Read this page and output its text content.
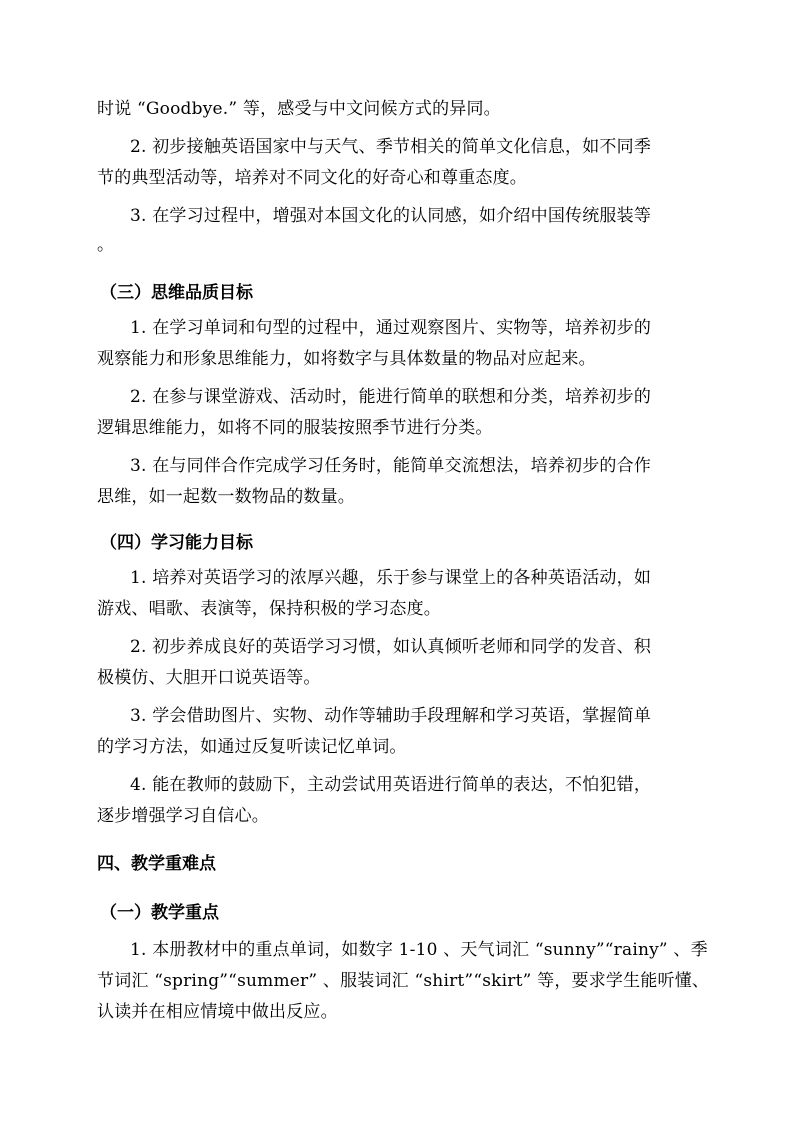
时说 “Goodbye.” 等，感受与中文问候方式的异同。
2. 初步接触英语国家中与天气、季节相关的简单文化信息，如不同季
节的典型活动等，培养对不同文化的好奇心和尊重态度。
3. 在学习过程中，增强对本国文化的认同感，如介绍中国传统服装等
。
（三）思维品质目标
1. 在学习单词和句型的过程中，通过观察图片、实物等，培养初步的
观察能力和形象思维能力，如将数字与具体数量的物品对应起来。
2. 在参与课堂游戏、活动时，能进行简单的联想和分类，培养初步的
逻辑思维能力，如将不同的服装按照季节进行分类。
3. 在与同伴合作完成学习任务时，能简单交流想法，培养初步的合作
思维，如一起数一数物品的数量。
（四）学习能力目标
1. 培养对英语学习的浓厚兴趣，乐于参与课堂上的各种英语活动，如
游戏、唱歌、表演等，保持积极的学习态度。
2. 初步养成良好的英语学习习惯，如认真倾听老师和同学的发音、积
极模仿、大胆开口说英语等。
3. 学会借助图片、实物、动作等辅助手段理解和学习英语，掌握简单
的学习方法，如通过反复听读记忆单词。
4. 能在教师的鼓励下，主动尝试用英语进行简单的表达，不怕犯错，
逐步增强学习自信心。
四、教学重难点
（一）教学重点
1. 本册教材中的重点单词，如数字 1-10 、天气词汇 “sunny”“rainy” 、季
节词汇 “spring”“summer” 、服装词汇 “shirt”“skirt” 等，要求学生能听懂、
认读并在相应情境中做出反应。
